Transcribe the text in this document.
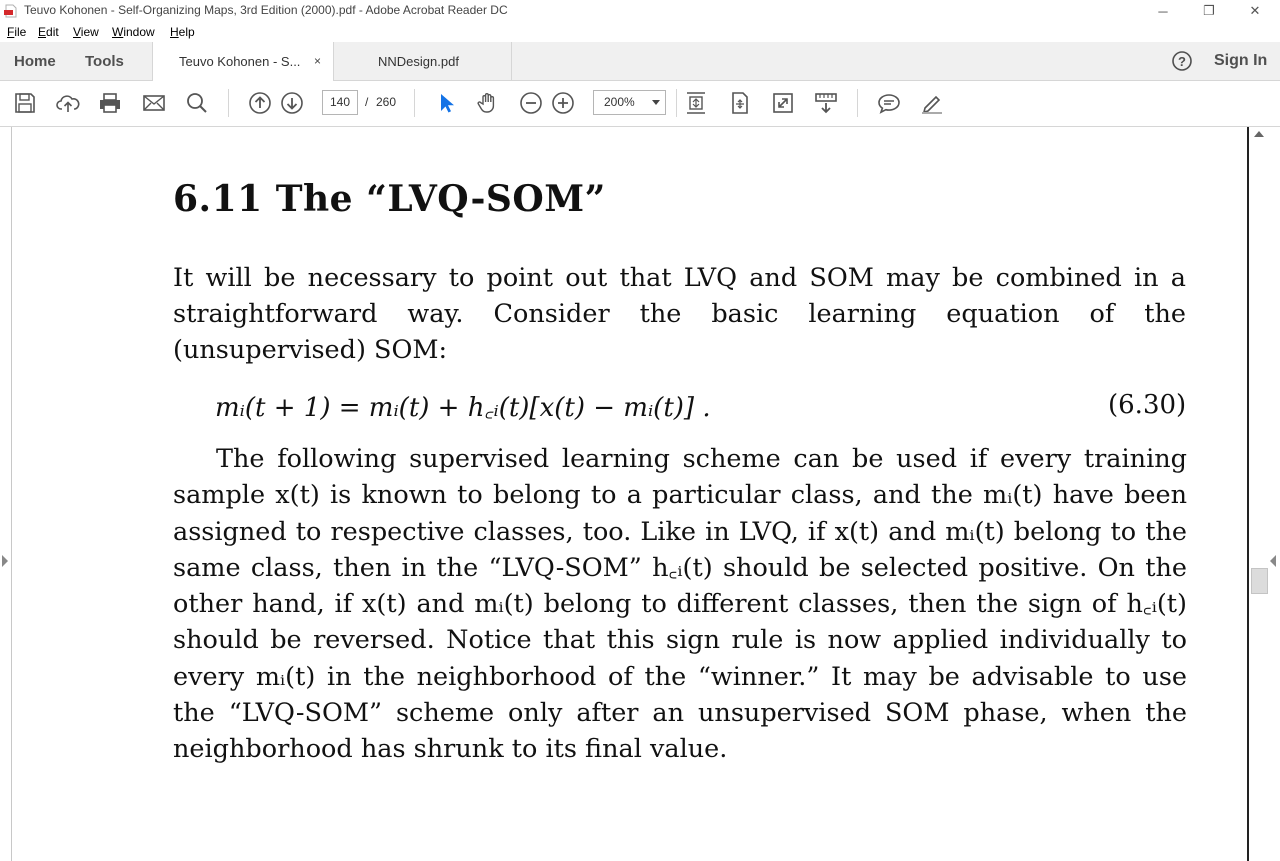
Teuvo Kohonen - Self-Organizing Maps, 3rd Edition (2000).pdf - Adobe Acrobat Reader DC	─	❐	✕
File Edit View Window Help
Home Tools	Teuvo Kohonen - S... ×	NNDesign.pdf	? Sign In
140	/ 260	200%
6.11 The “LVQ-SOM”
It will be necessary to point out that LVQ and SOM may be combined in a straightforward way. Consider the basic learning equation of the (unsupervised) SOM:
mᵢ(t + 1) = mᵢ(t) + h꜀ᵢ(t)[x(t) − mᵢ(t)] .	(6.30)
The following supervised learning scheme can be used if every training sample x(t) is known to belong to a particular class, and the mᵢ(t) have been assigned to respective classes, too. Like in LVQ, if x(t) and mᵢ(t) belong to the same class, then in the “LVQ-SOM” h꜀ᵢ(t) should be selected positive. On the other hand, if x(t) and mᵢ(t) belong to different classes, then the sign of h꜀ᵢ(t) should be reversed. Notice that this sign rule is now applied individually to every mᵢ(t) in the neighborhood of the “winner.” It may be advisable to use the “LVQ-SOM” scheme only after an unsupervised SOM phase, when the neighborhood has shrunk to its final value.
